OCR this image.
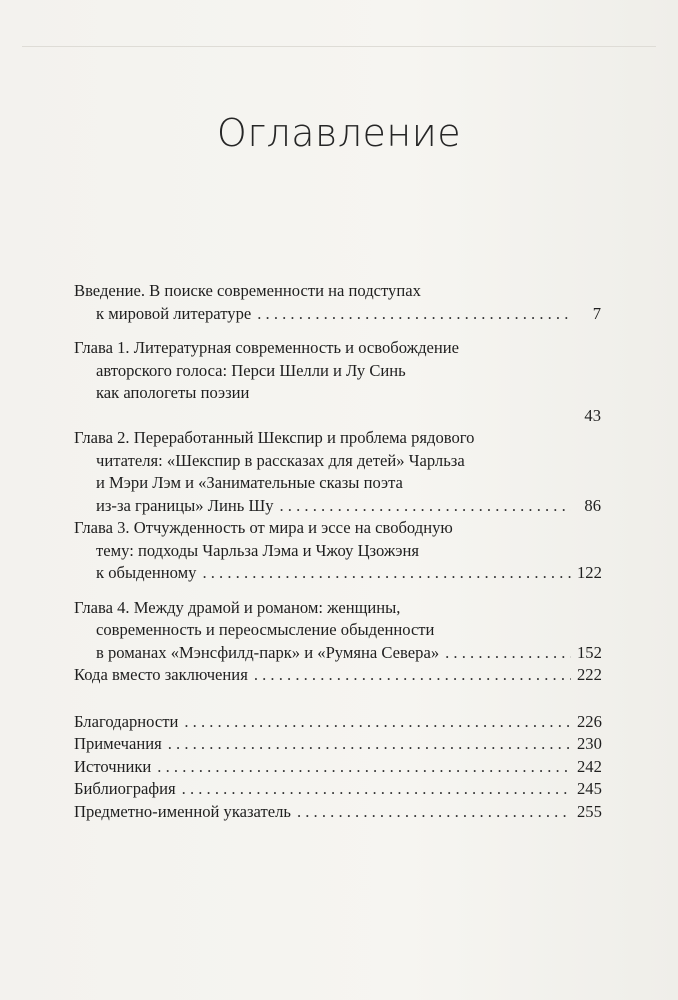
Оглавление
Введение. В поиске современности на подступах
к мировой литературе . . .	7
Глава 1. Литературная современность и освобождение
авторского голоса: Перси Шелли и Лу Синь
как апологеты поэзии
43
Глава 2. Переработанный Шекспир и проблема рядового
читателя: «Шекспир в рассказах для детей» Чарльза
и Мэри Лэм и «Занимательные сказы поэта
из-за границы» Линь Шу . . .	86
Глава 3. Отчужденность от мира и эссе на свободную
тему: подходы Чарльза Лэма и Чжоу Цзожэня
к обыденному . . .	122
Глава 4. Между драмой и романом: женщины,
современность и переосмысление обыденности
в романах «Мэнсфилд-парк» и «Румяна Севера» . . .	152
Кода вместо заключения . . .	222
Благодарности . . .	226
Примечания . . .	230
Источники . . .	242
Библиография . . .	245
Предметно-именной указатель . . .	255
